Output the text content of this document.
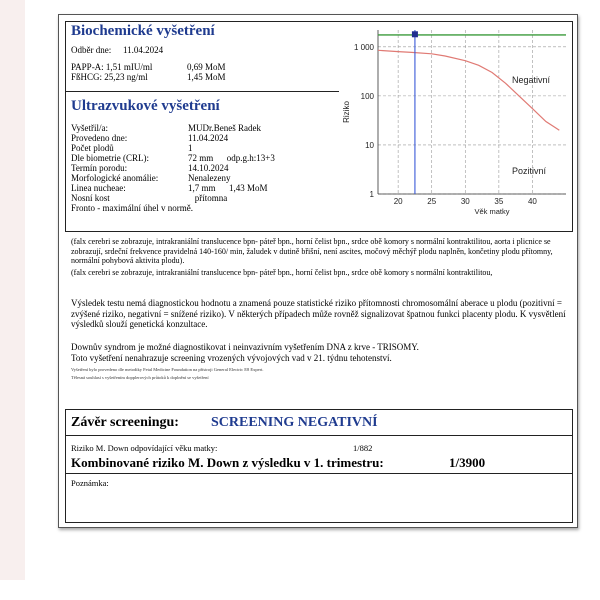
Biochemické vyšetření
Odběr dne: 11.04.2024
PAPP-A: 1,51 mIU/ml	0,69 MoM
FßHCG: 25,23 ng/ml	1,45 MoM
Ultrazvukové vyšetření
Vyšetřil/a:	MUDr.Beneš Radek
Provedeno dne:	11.04.2024
Počet plodů	1
Dle biometrie (CRL):	72 mm      odp.g.h:13+3
Termín porodu:	14.10.2024
Morfologické anomálie:	Nenalezeny
Linea nucheae:	1,7 mm      1,43 MoM
Nosní kost	přítomna
Fronto - maximální úhel v normě.
(falx cerebri se zobrazuje, intrakraniální translucence bpn- páteř bpn., horní čelist bpn., srdce obě komory s normální kontraktilitou, aorta i plicnice se zobrazují, srdeční frekvence pravidelná 140-160/ min, žaludek v dutině břišní, není ascites, močový měchýř plodu naplněn, končetiny plodu přítomny, normální pohybová aktivita plodu).
(falx cerebri se zobrazuje, intrakraniální translucence bpn- páteř bpn., horní čelist bpn., srdce obě komory s normální kontraktilitou,
Výsledek testu nemá diagnostickou hodnotu a znamená pouze statistické riziko přítomnosti chromosomální aberace u plodu (pozitivní = zvýšené riziko, negativní = snížené riziko). V některých případech může rovněž signalizovat špatnou funkci placenty plodu. K vysvětlení výsledků slouží genetická konzultace.
Downův syndrom je možné diagnostikovat i neinvazivním vyšetřením DNA z krve - TRISOMY.
Toto vyšetření nenahrazuje screening vrozených vývojových vad v 21. týdnu tehotenství.
Vyšetření bylo provedeno dle metodiky Fetal Medicine Foundation na přístroji General Electric E8 Expert.
Tělesná souhlasí s vyšetřením dopplerových průtoků k doplnění se vyšetření
Závěr screeningu: SCREENING NEGATIVNÍ
Riziko M. Down odpovídající věku matky:	1/882
Kombinované riziko M. Down z výsledku v 1. trimestru:	1/3900
Poznámka:
20	25	30	35	40
1 000
100
10
1
Riziko
Věk matky
Negativní
Pozitivní
